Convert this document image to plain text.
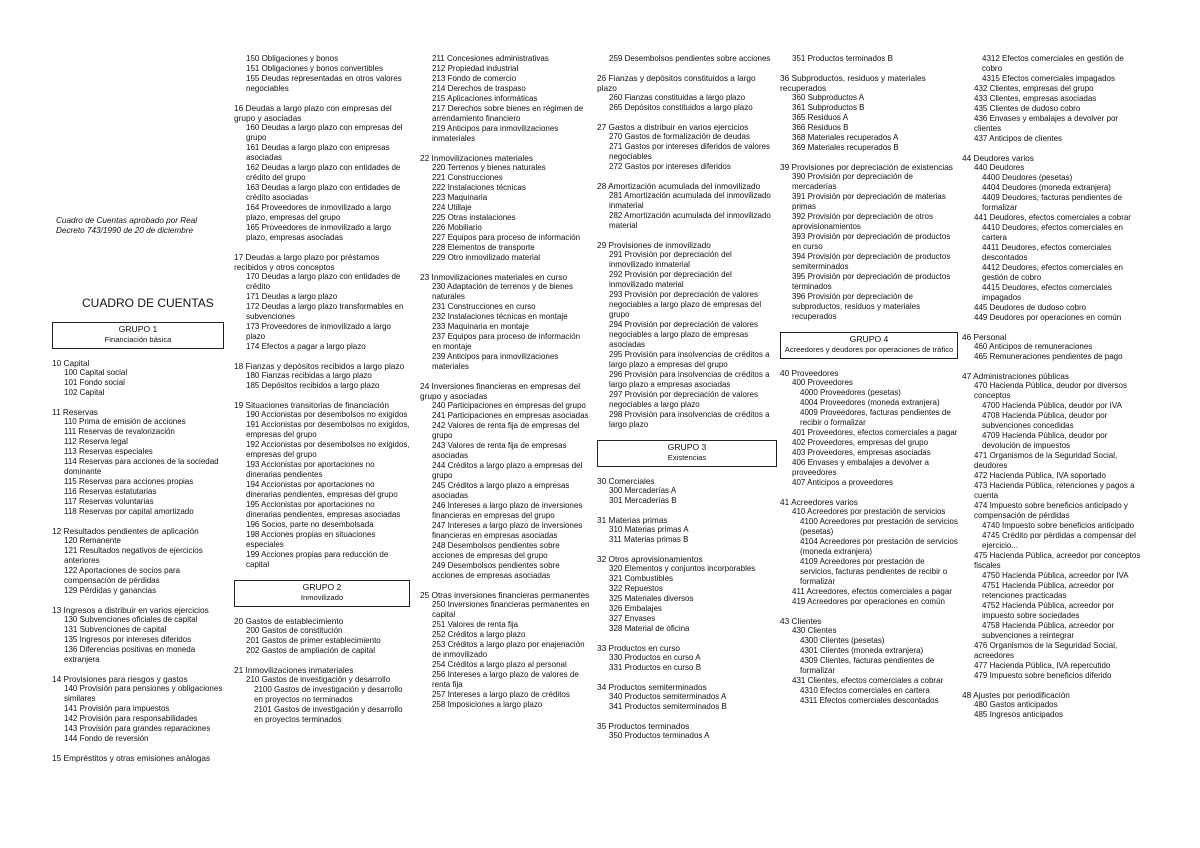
Cuadro de Cuentas aprobado por Real Decreto 743/1990 de 20 de diciembre
CUADRO DE CUENTAS
GRUPO 1
Financiación básica
10 Capital
100 Capital social
101 Fondo social
102 Capital
11 Reservas
110 Prima de emisión de acciones
111 Reservas de revalorización
112 Reserva legal
113 Reservas especiales
114 Reservas para acciones de la sociedad dominante
115 Reservas para acciones propias
116 Reservas estatutarias
117 Reservas voluntarias
118 Reservas por capital amortizado
12 Resultados pendientes de aplicación
120 Remanente
121 Resultados negativos de ejercicios anteriores
122 Aportaciones de socios para compensación de pérdidas
129 Pérdidas y ganancias
13 Ingresos a distribuir en varios ejercicios
130 Subvenciones oficiales de capital
131 Subvenciones de capital
135 Ingresos por intereses diferidos
136 Diferencias positivas en moneda extranjera
14 Provisiones para riesgos y gastos
140 Provisión para pensiones y obligaciones similares
141 Provisión para impuestos
142 Provisión para responsabilidades
143 Provisión para grandes reparaciones
144 Fondo de reversión
15 Empréstitos y otras emisiones análogas
150 Obligaciones y bonos
151 Obligaciones y bonos convertibles
155 Deudas representadas en otros valores negociables
16 Deudas a largo plazo con empresas del grupo y asociadas
160 Deudas a largo plazo con empresas del grupo
161 Deudas a largo plazo con empresas asociadas
162 Deudas a largo plazo con entidades de crédito del grupo
163 Deudas a largo plazo con entidades de crédito asociadas
164 Proveedores de inmovilizado a largo plazo, empresas del grupo
165 Proveedores de inmovilizado a largo plazo, empresas asociadas
17 Deudas a largo plazo por préstamos recibidos y otros conceptos
170 Deudas a largo plazo con entidades de crédito
171 Deudas a largo plazo
172 Deudas a largo plazo transformables en subvenciones
173 Proveedores de inmovilizado a largo plazo
174 Efectos a pagar a largo plazo
18 Fianzas y depósitos recibidos a largo plazo
180 Fianzas recibidas a largo plazo
185 Depósitos recibidos a largo plazo
19 Situaciones transitorias de financiación
190 Accionistas por desembolsos no exigidos
191 Accionistas por desembolsos no exigidos, empresas del grupo
192 Accionistas por desembolsos no exigidos, empresas del grupo
193 Accionistas por aportaciones no dinerarias pendientes
194 Accionistas por aportaciones no dinerarias pendientes, empresas del grupo
195 Accionistas por aportaciones no dinerarias pendientes, empresas asociadas
196 Socios, parte no desembolsada
198 Acciones propias en situaciones especiales
199 Acciones propias para reducción de capital
GRUPO 2
Inmovilizado
20 Gastos de establecimiento
200 Gastos de constitución
201 Gastos de primer establecimiento
202 Gastos de ampliación de capital
21 Inmovilizaciones inmateriales
210 Gastos de investigación y desarrollo
2100 Gastos de investigación y desarrollo en proyectos no terminados
2101 Gastos de investigación y desarrollo en proyectos terminados
211 Concesiones administrativas
212 Propiedad industrial
213 Fondo de comercio
214 Derechos de traspaso
215 Aplicaciones informáticas
217 Derechos sobre bienes en régimen de arrendamiento financiero
219 Anticipos para inmovilizaciones inmateriales
22 Inmovilizaciones materiales
220 Terrenos y bienes naturales
221 Construcciones
222 Instalaciones técnicas
223 Maquinaria
224 Utillaje
225 Otras instalaciones
226 Mobiliario
227 Equipos para proceso de información
228 Elementos de transporte
229 Otro inmovilizado material
23 Inmovilizaciones materiales en curso
230 Adaptación de terrenos y de bienes naturales
231 Construcciones en curso
232 Instalaciones técnicas en montaje
233 Maquinaria en montaje
237 Equipos para proceso de información en montaje
239 Anticipos para inmovilizaciones materiales
24 Inversiones financieras en empresas del grupo y asociadas
240 Participaciones en empresas del grupo
241 Participaciones en empresas asociadas
242 Valores de renta fija de empresas del grupo
243 Valores de renta fija de empresas asociadas
244 Créditos a largo plazo a empresas del grupo
245 Créditos a largo plazo a empresas asociadas
246 Intereses a largo plazo de inversiones financieras en empresas del grupo
247 Intereses a largo plazo de inversiones financieras en empresas asociadas
248 Desembolsos pendientes sobre acciones de empresas del grupo
249 Desembolsos pendientes sobre acciones de empresas asociadas
25 Otras inversiones financieras permanentes
250 Inversiones financieras permanentes en capital
251 Valores de renta fija
252 Créditos a largo plazo
253 Créditos a largo plazo por enajenación de inmovilizado
254 Créditos a largo plazo al personal
256 Intereses a largo plazo de valores de renta fija
257 Intereses a largo plazo de créditos
258 Imposiciones a largo plazo
259 Desembolsos pendientes sobre acciones
26 Fianzas y depósitos constituidos a largo plazo
260 Fianzas constituidas a largo plazo
265 Depósitos constituidos a largo plazo
27 Gastos a distribuir en varios ejercicios
270 Gastos de formalización de deudas
271 Gastos por intereses diferidos de valores negociables
272 Gastos por intereses diferidos
28 Amortización acumulada del inmovilizado
281 Amortización acumulada del inmovilizado inmaterial
282 Amortización acumulada del inmovilizado material
29 Provisiones de inmovilizado
291 Provisión por depreciación del inmovilizado inmaterial
292 Provisión por depreciación del inmovilizado material
293 Provisión por depreciación de valores negociables a largo plazo de empresas del grupo
294 Provisión por depreciación de valores negociables a largo plazo de empresas asociadas
295 Provisión para insolvencias de créditos a largo plazo a empresas del grupo
296 Provisión para insolvencias de créditos a largo plazo a empresas asociadas
297 Provisión por depreciación de valores negociables a largo plazo
298 Provisión para insolvencias de créditos a largo plazo
GRUPO 3
Existencias
30 Comerciales
300 Mercaderías A
301 Mercaderías B
31 Materias primas
310 Materias primas A
311 Materias primas B
32 Otros aprovisionamientos
320 Elementos y conjuntos incorporables
321 Combustibles
322 Repuestos
325 Materiales diversos
326 Embalajes
327 Envases
328 Material de oficina
33 Productos en curso
330 Productos en curso A
331 Productos en curso B
34 Productos semiterminados
340 Productos semiterminados A
341 Productos semiterminados B
35 Productos terminados
350 Productos terminados A
351 Productos terminados B
36 Subproductos, residuos y materiales recuperados
360 Subproductos A
361 Subproductos B
365 Residuos A
366 Residuos B
368 Materiales recuperados A
369 Materiales recuperados B
39 Provisiones por depreciación de existencias
390 Provisión por depreciación de mercaderías
391 Provisión por depreciación de materias primas
392 Provisión por depreciación de otros aprovisionamientos
393 Provisión por depreciación de productos en curso
394 Provisión por depreciación de productos semiterminados
395 Provisión por depreciación de productos terminados
396 Provisión por depreciación de subproductos, residuos y materiales recuperados
GRUPO 4
Acreedores y deudores por operaciones de tráfico
40 Proveedores
400 Proveedores
4000 Proveedores (pesetas)
4004 Proveedores (moneda extranjera)
4009 Proveedores, facturas pendientes de recibir o formalizar
401 Proveedores, efectos comerciales a pagar
402 Proveedores, empresas del grupo
403 Proveedores, empresas asociadas
406 Envases y embalajes a devolver a proveedores
407 Anticipos a proveedores
41 Acreedores varios
410 Acreedores por prestación de servicios
4100 Acreedores por prestación de servicios (pesetas)
4104 Acreedores por prestación de servicios (moneda extranjera)
4109 Acreedores por prestación de servicios, facturas pendientes de recibir o formalizar
411 Acreedores, efectos comerciales a pagar
419 Acreedores por operaciones en común
43 Clientes
430 Clientes
4300 Clientes (pesetas)
4301 Clientes (moneda extranjera)
4309 Clientes, facturas pendientes de formalizar
431 Clientes, efectos comerciales a cobrar
4310 Efectos comerciales en cartera
4311 Efectos comerciales descontados
4312 Efectos comerciales en gestión de cobro
4315 Efectos comerciales impagados
432 Clientes, empresas del grupo
433 Clientes, empresas asociadas
435 Clientes de dudoso cobro
436 Envases y embalajes a devolver por clientes
437 Anticipos de clientes
44 Deudores varios
440 Deudores
4400 Deudores (pesetas)
4404 Deudores (moneda extranjera)
4409 Deudores, facturas pendientes de formalizar
441 Deudores, efectos comerciales a cobrar
4410 Deudores, efectos comerciales en cartera
4411 Deudores, efectos comerciales descontados
4412 Deudores, efectos comerciales en gestión de cobro
4415 Deudores, efectos comerciales impagados
445 Deudores de dudoso cobro
449 Deudores por operaciones en común
46 Personal
460 Anticipos de remuneraciones
465 Remuneraciones pendientes de pago
47 Administraciones públicas
470 Hacienda Pública, deudor por diversos conceptos
4700 Hacienda Pública, deudor por IVA
4708 Hacienda Pública, deudor por subvenciones concedidas
4709 Hacienda Pública, deudor por devolución de impuestos
471 Organismos de la Seguridad Social, deudores
472 Hacienda Pública, IVA soportado
473 Hacienda Pública, retenciones y pagos a cuenta
474 Impuesto sobre beneficios anticipado y compensación de pérdidas
4740 Impuesto sobre beneficios anticipado
4745 Crédito por pérdidas a compensar del ejercicio...
475 Hacienda Pública, acreedor por conceptos fiscales
4750 Hacienda Pública, acreedor por IVA
4751 Hacienda Pública, acreedor por retenciones practicadas
4752 Hacienda Pública, acreedor por impuesto sobre sociedades
4758 Hacienda Pública, acreedor por subvenciones a reintegrar
476 Organismos de la Seguridad Social, acreedores
477 Hacienda Pública, IVA repercutido
479 Impuesto sobre beneficios diferido
48 Ajustes por periodificación
480 Gastos anticipados
485 Ingresos anticipados
